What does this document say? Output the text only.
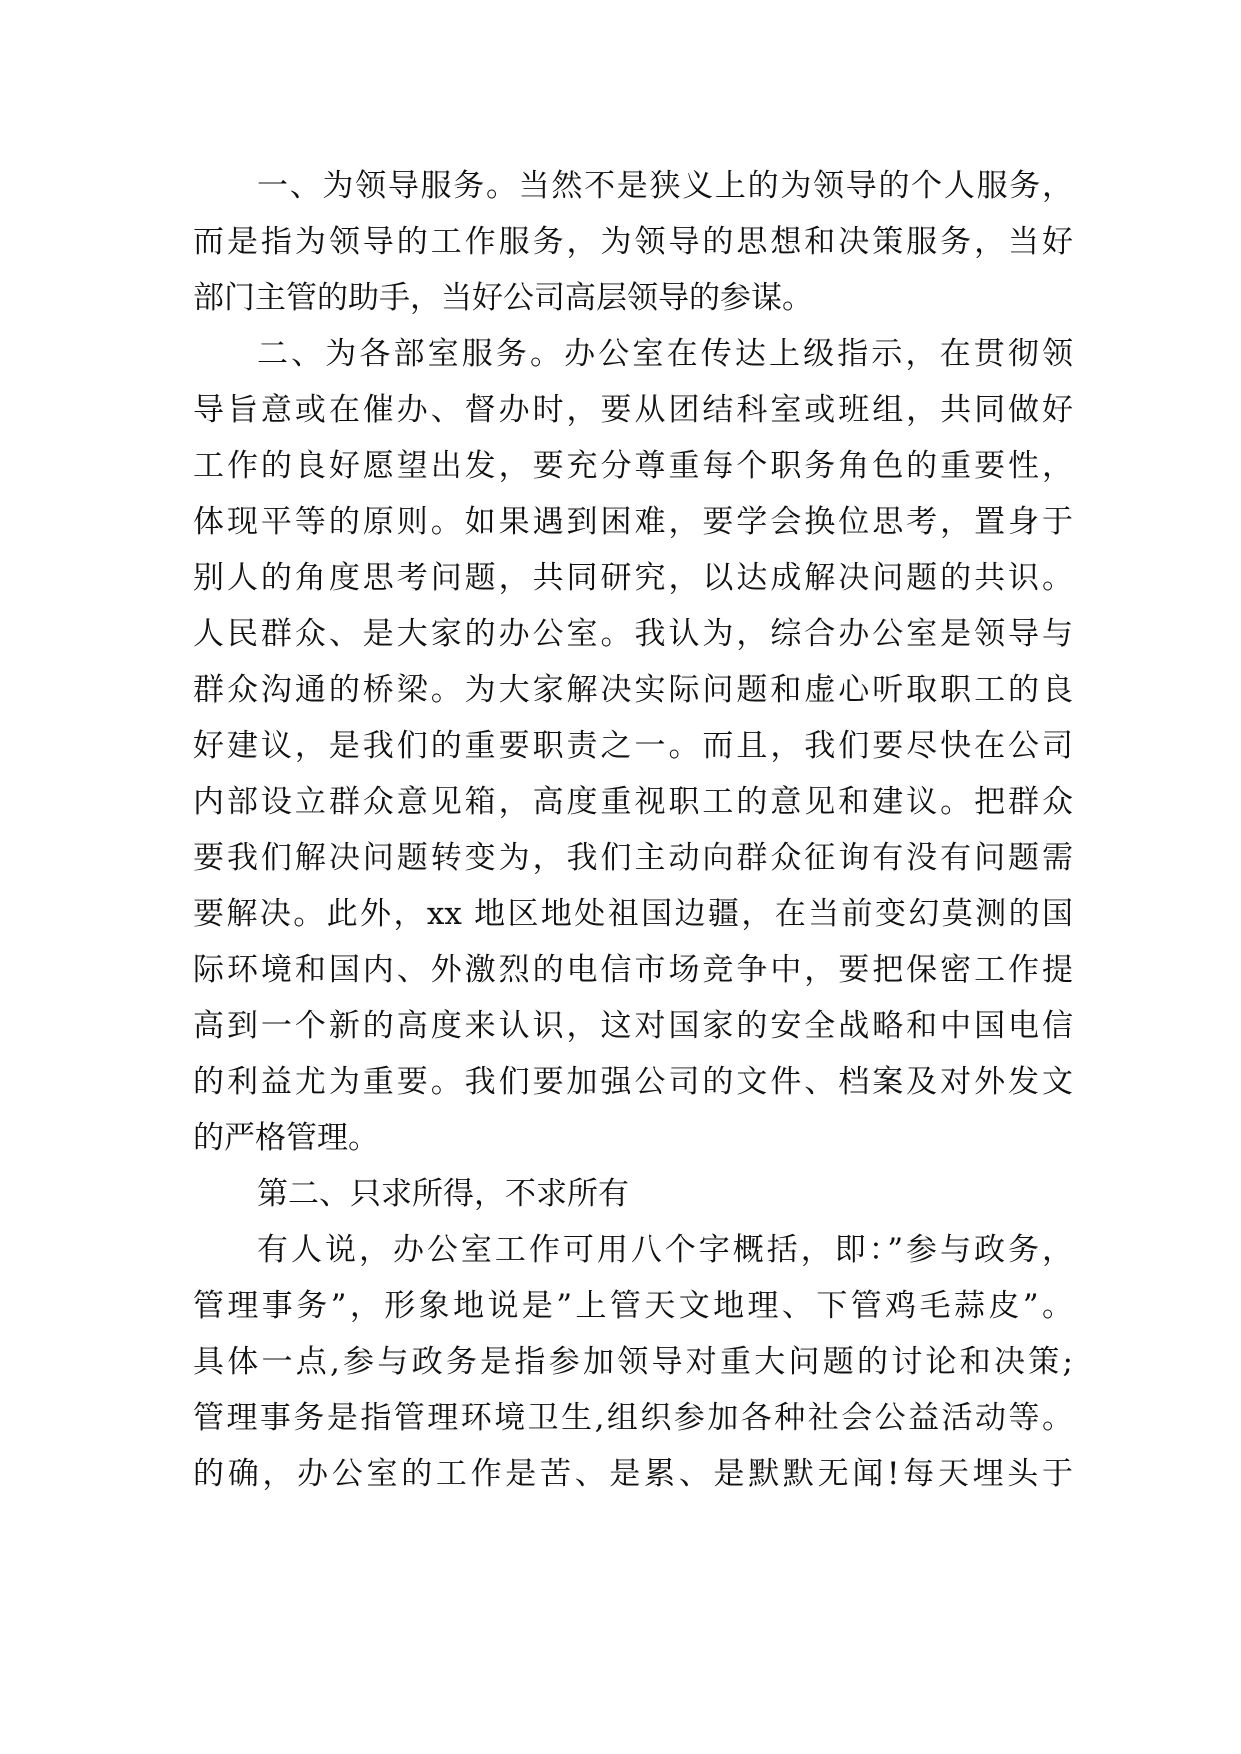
一、为领导服务。当然不是狭义上的为领导的个人服务，
而是指为领导的工作服务，为领导的思想和决策服务，当好
部门主管的助手，当好公司高层领导的参谋。
二、为各部室服务。办公室在传达上级指示，在贯彻领
导旨意或在催办、督办时，要从团结科室或班组，共同做好
工作的良好愿望出发，要充分尊重每个职务角色的重要性，
体现平等的原则。如果遇到困难，要学会换位思考，置身于
别人的角度思考问题，共同研究，以达成解决问题的共识。
人民群众、是大家的办公室。我认为，综合办公室是领导与
群众沟通的桥梁。为大家解决实际问题和虚心听取职工的良
好建议，是我们的重要职责之一。而且，我们要尽快在公司
内部设立群众意见箱，高度重视职工的意见和建议。把群众
要我们解决问题转变为，我们主动向群众征询有没有问题需
要解决。此外，xx 地区地处祖国边疆，在当前变幻莫测的国
际环境和国内、外激烈的电信市场竞争中，要把保密工作提
高到一个新的高度来认识，这对国家的安全战略和中国电信
的利益尤为重要。我们要加强公司的文件、档案及对外发文
的严格管理。
第二、只求所得，不求所有
有人说，办公室工作可用八个字概括，即：”参与政务，
管理事务”，形象地说是”上管天文地理、下管鸡毛蒜皮”。
具体一点,参与政务是指参加领导对重大问题的讨论和决策;
管理事务是指管理环境卫生,组织参加各种社会公益活动等。
的确，办公室的工作是苦、是累、是默默无闻!每天埋头于
